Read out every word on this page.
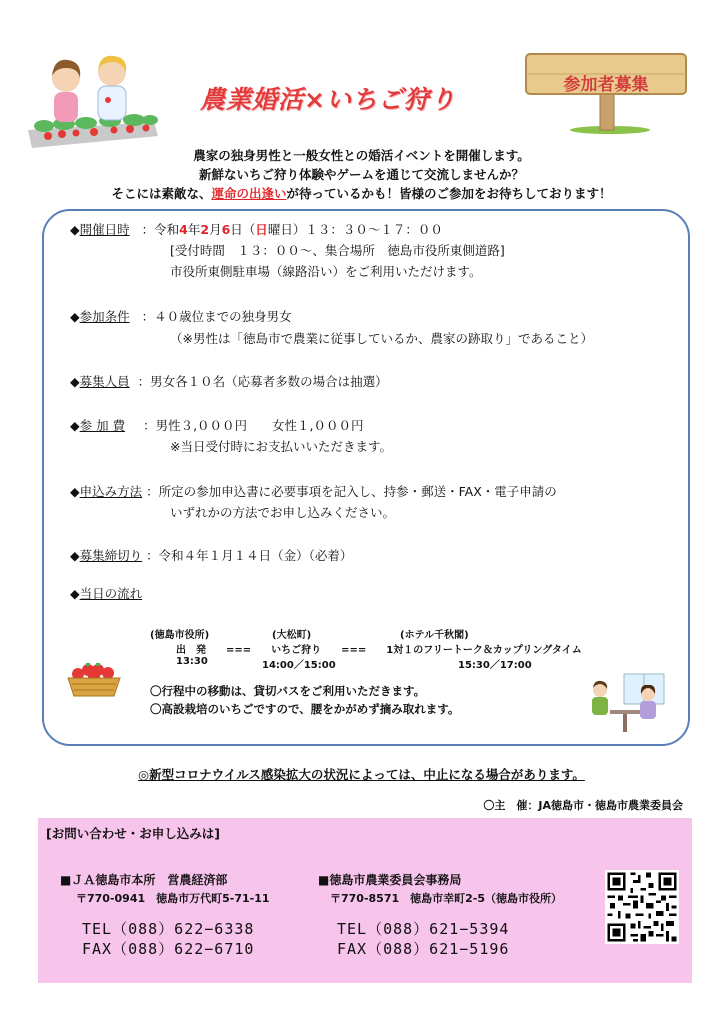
農業婚活×いちご狩り	参加者募集
農家の独身男性と一般女性との婚活イベントを開催します。
新鮮ないちご狩り体験やゲームを通じて交流しませんか？
そこには素敵な、運命の出逢いが待っているかも！皆様のご参加をお待ちしております！
◆開催日時 ：令和4年2月6日（日曜日）１３：３０～１７：００
[受付時間　１３：００～、集合場所　徳島市役所東側道路]
市役所東側駐車場（線路沿い）をご利用いただけます。
◆参加条件 ：４０歳位までの独身男女
（※男性は「徳島市で農業に従事しているか、農家の跡取り」であること）
◆募集人員 ：男女各１０名（応募者多数の場合は抽選）
◆参 加 費 ：男性３,０００円　　女性１,０００円
※当日受付時にお支払いいただきます。
◆申込み方法 ：所定の参加申込書に必要事項を記入し、持参・郵送・FAX・電子申請の
いずれかの方法でお申し込みください。
◆募集締切り ：令和４年１月１４日（金）（必着）
◆当日の流れ
(徳島市役所)	(大松町)	(ホテル千秋閣)
出　発　　===　　いちご狩り　　===　　1対１のフリートーク＆カップリングタイム
13:30	14:00／15:00	15:30／17:00
〇行程中の移動は、貸切バスをご利用いただきます。
〇高設栽培のいちごですので、腰をかがめず摘み取れます。
◎新型コロナウイルス感染拡大の状況によっては、中止になる場合があります。
〇主　催：JA徳島市・徳島市農業委員会
[お問い合わせ・お申し込みは]
■ＪＡ徳島市本所　営農経済部
〒770-0941　徳島市万代町5-71-11
TEL（088）622−6338
FAX（088）622−6710
■徳島市農業委員会事務局
〒770-8571　徳島市幸町2-5（徳島市役所）
TEL（088）621−5394
FAX（088）621−5196
